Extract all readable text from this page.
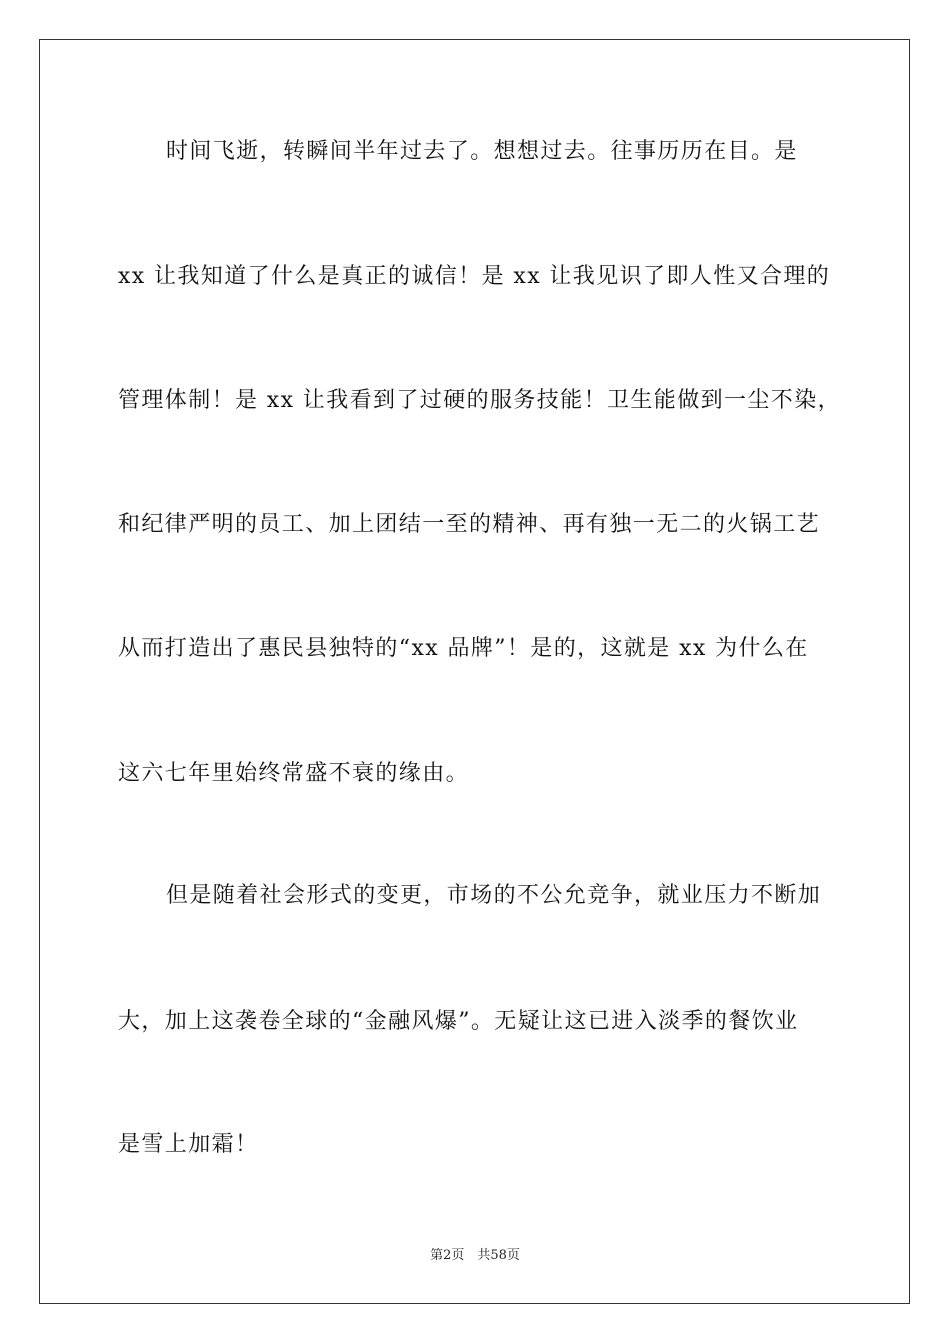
时间飞逝，转瞬间半年过去了。想想过去。往事历历在目。是
xx 让我知道了什么是真正的诚信！是 xx 让我见识了即人性又合理的
管理体制！是 xx 让我看到了过硬的服务技能！卫生能做到一尘不染，
和纪律严明的员工、加上团结一至的精神、再有独一无二的火锅工艺
从而打造出了惠民县独特的“xx 品牌”！是的，这就是 xx 为什么在
这六七年里始终常盛不衰的缘由。
但是随着社会形式的变更，市场的不公允竞争，就业压力不断加
大，加上这袭卷全球的“金融风爆”。无疑让这已进入淡季的餐饮业
是雪上加霜！
第2页　共58页
